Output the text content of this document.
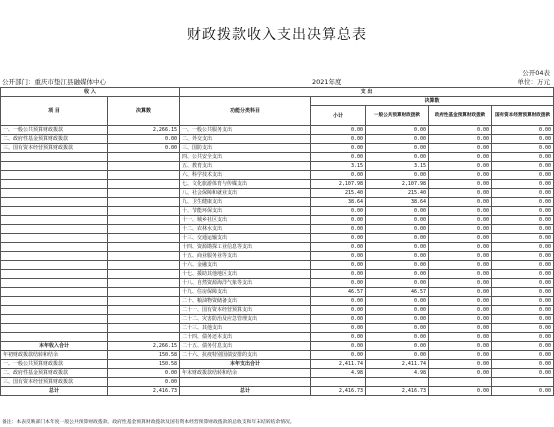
财政拨款收入支出决算总表
公开04表
公开部门：重庆市垫江县融媒体中心	2021年度	单位：万元
收 入		支 出				
项 目	决算数	功能分类科目	决算数			
			小计	一般公共预算财政拨款	政府性基金预算财政拨款	国有资本经营预算财政拨款
一、一般公共预算财政拨款	2,266.15	一、一般公共服务支出	0.00	0.00	0.00	0.00
二、政府性基金预算财政拨款	0.00	二、外交支出	0.00	0.00	0.00	0.00
三、国有资本经营预算财政拨款	0.00	三、国防支出	0.00	0.00	0.00	0.00
		四、公共安全支出	0.00	0.00	0.00	0.00
		五、教育支出	3.15	3.15	0.00	0.00
		六、科学技术支出	0.00	0.00	0.00	0.00
		七、文化旅游体育与传媒支出	2,107.98	2,107.98	0.00	0.00
		八、社会保障和就业支出	215.40	215.40	0.00	0.00
		九、卫生健康支出	38.64	38.64	0.00	0.00
		十、节能环保支出	0.00	0.00	0.00	0.00
		十一、城乡社区支出	0.00	0.00	0.00	0.00
		十二、农林水支出	0.00	0.00	0.00	0.00
		十三、交通运输支出	0.00	0.00	0.00	0.00
		十四、资源勘探工业信息等支出	0.00	0.00	0.00	0.00
		十五、商业服务业等支出	0.00	0.00	0.00	0.00
		十六、金融支出	0.00	0.00	0.00	0.00
		十七、援助其他地区支出	0.00	0.00	0.00	0.00
		十八、自然资源海洋气象等支出	0.00	0.00	0.00	0.00
		十九、住房保障支出	46.57	46.57	0.00	0.00
		二十、粮油物资储备支出	0.00	0.00	0.00	0.00
		二十一、国有资本经营预算支出	0.00	0.00	0.00	0.00
		二十二、灾害防治及应急管理支出	0.00	0.00	0.00	0.00
		二十三、其他支出	0.00	0.00	0.00	0.00
		二十四、债务还本支出	0.00	0.00	0.00	0.00
本年收入合计	2,266.15	二十五、债务付息支出	0.00	0.00	0.00	0.00
年初财政拨款结转和结余	150.58	二十六、抗疫特别国债安排的支出	0.00	0.00	0.00	0.00
一、一般公共预算财政拨款	150.58	本年支出合计	2,411.74	2,411.74	0.00	0.00
二、政府性基金预算财政拨款	0.00	年末财政拨款结转和结余	4.98	4.98	0.00	0.00
三、国有资本经营预算财政拨款	0.00					
总计	2,416.73	总计	2,416.73	2,416.73	0.00	0.00
备注：本表反映部门本年度一般公共预算财政拨款、政府性基金预算财政拨款及国有资本经营预算财政拨款的总收支和年末结转结余情况。
